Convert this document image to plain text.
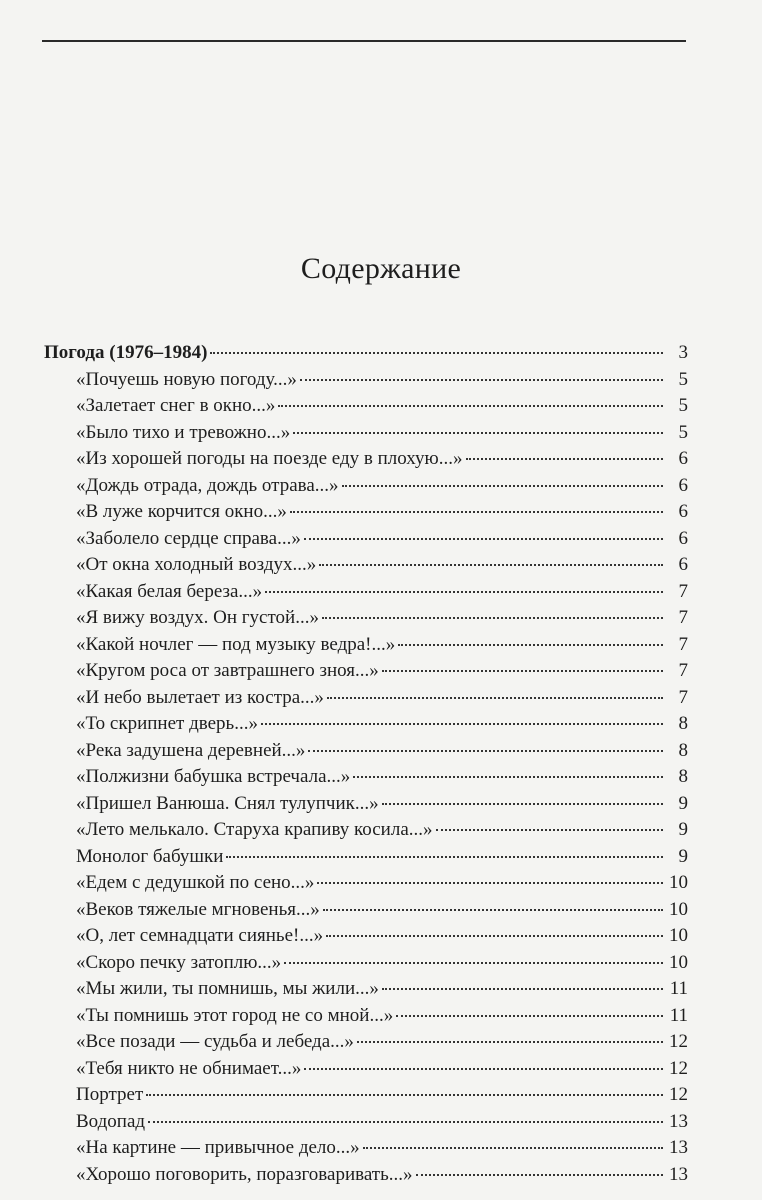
Содержание
Погода (1976–1984)	3
«Почуешь новую погоду...»	5
«Залетает снег в окно...»	5
«Было тихо и тревожно...»	5
«Из хорошей погоды на поезде еду в плохую...»	6
«Дождь отрада, дождь отрава...»	6
«В луже корчится окно...»	6
«Заболело сердце справа...»	6
«От окна холодный воздух...»	6
«Какая белая береза...»	7
«Я вижу воздух. Он густой...»	7
«Какой ночлег — под музыку ведра!...»	7
«Кругом роса от завтрашнего зноя...»	7
«И небо вылетает из костра...»	7
«То скрипнет дверь...»	8
«Река задушена деревней...»	8
«Полжизни бабушка встречала...»	8
«Пришел Ванюша. Снял тулупчик...»	9
«Лето мелькало. Старуха крапиву косила...»	9
Монолог бабушки	9
«Едем с дедушкой по сено...»	10
«Веков тяжелые мгновенья...»	10
«О, лет семнадцати сиянье!...»	10
«Скоро печку затоплю...»	10
«Мы жили, ты помнишь, мы жили...»	11
«Ты помнишь этот город не со мной...»	11
«Все позади — судьба и лебеда...»	12
«Тебя никто не обнимает...»	12
Портрет	12
Водопад	13
«На картине — привычное дело...»	13
«Хорошо поговорить, поразговаривать...»	13
